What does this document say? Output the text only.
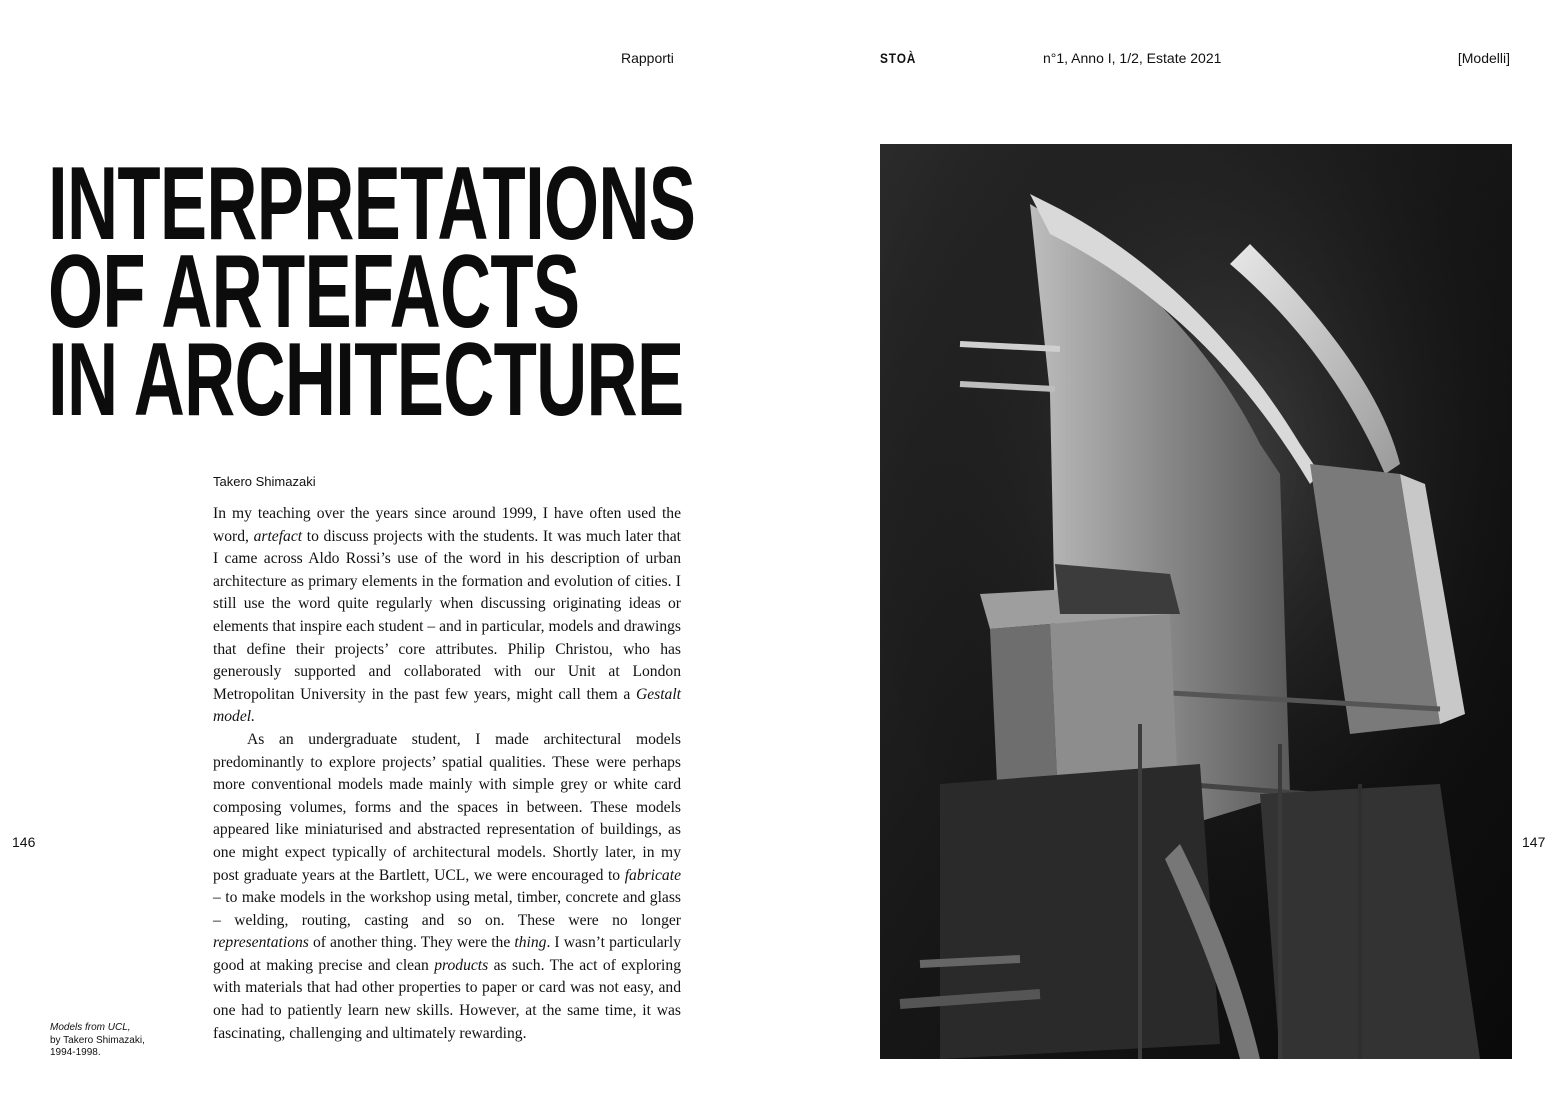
Rapporti	STOÀ	n°1, Anno I, 1/2, Estate 2021	[Modelli]
INTERPRETATIONS
OF ARTEFACTS
IN ARCHITECTURE
Takero Shimazaki

In my teaching over the years since around 1999, I have often used the word, artefact to discuss projects with the students. It was much later that I came across Aldo Rossi’s use of the word in his description of urban architecture as primary elements in the formation and evolution of cities. I still use the word quite regularly when discussing originating ideas or elements that inspire each student – and in particular, models and drawings that define their projects’ core attributes. Philip Christou, who has generously supported and collaborated with our Unit at London Metropolitan University in the past few years, might call them a Gestalt model.

As an undergraduate student, I made architectural models predominantly to explore projects’ spatial qualities. These were perhaps more conventional models made mainly with simple grey or white card composing volumes, forms and the spaces in between. These models appeared like miniaturised and abstracted representation of buildings, as one might expect typically of architectural models. Shortly later, in my post graduate years at the Bartlett, UCL, we were encouraged to fabricate – to make models in the workshop using metal, timber, concrete and glass – welding, routing, casting and so on. These were no longer representations of another thing. They were the thing. I wasn’t particularly good at making precise and clean products as such. The act of exploring with materials that had other properties to paper or card was not easy, and one had to patiently learn new skills. However, at the same time, it was fascinating, challenging and ultimately rewarding.

146	147
Models from UCL,
by Takero Shimazaki,
1994-1998.
